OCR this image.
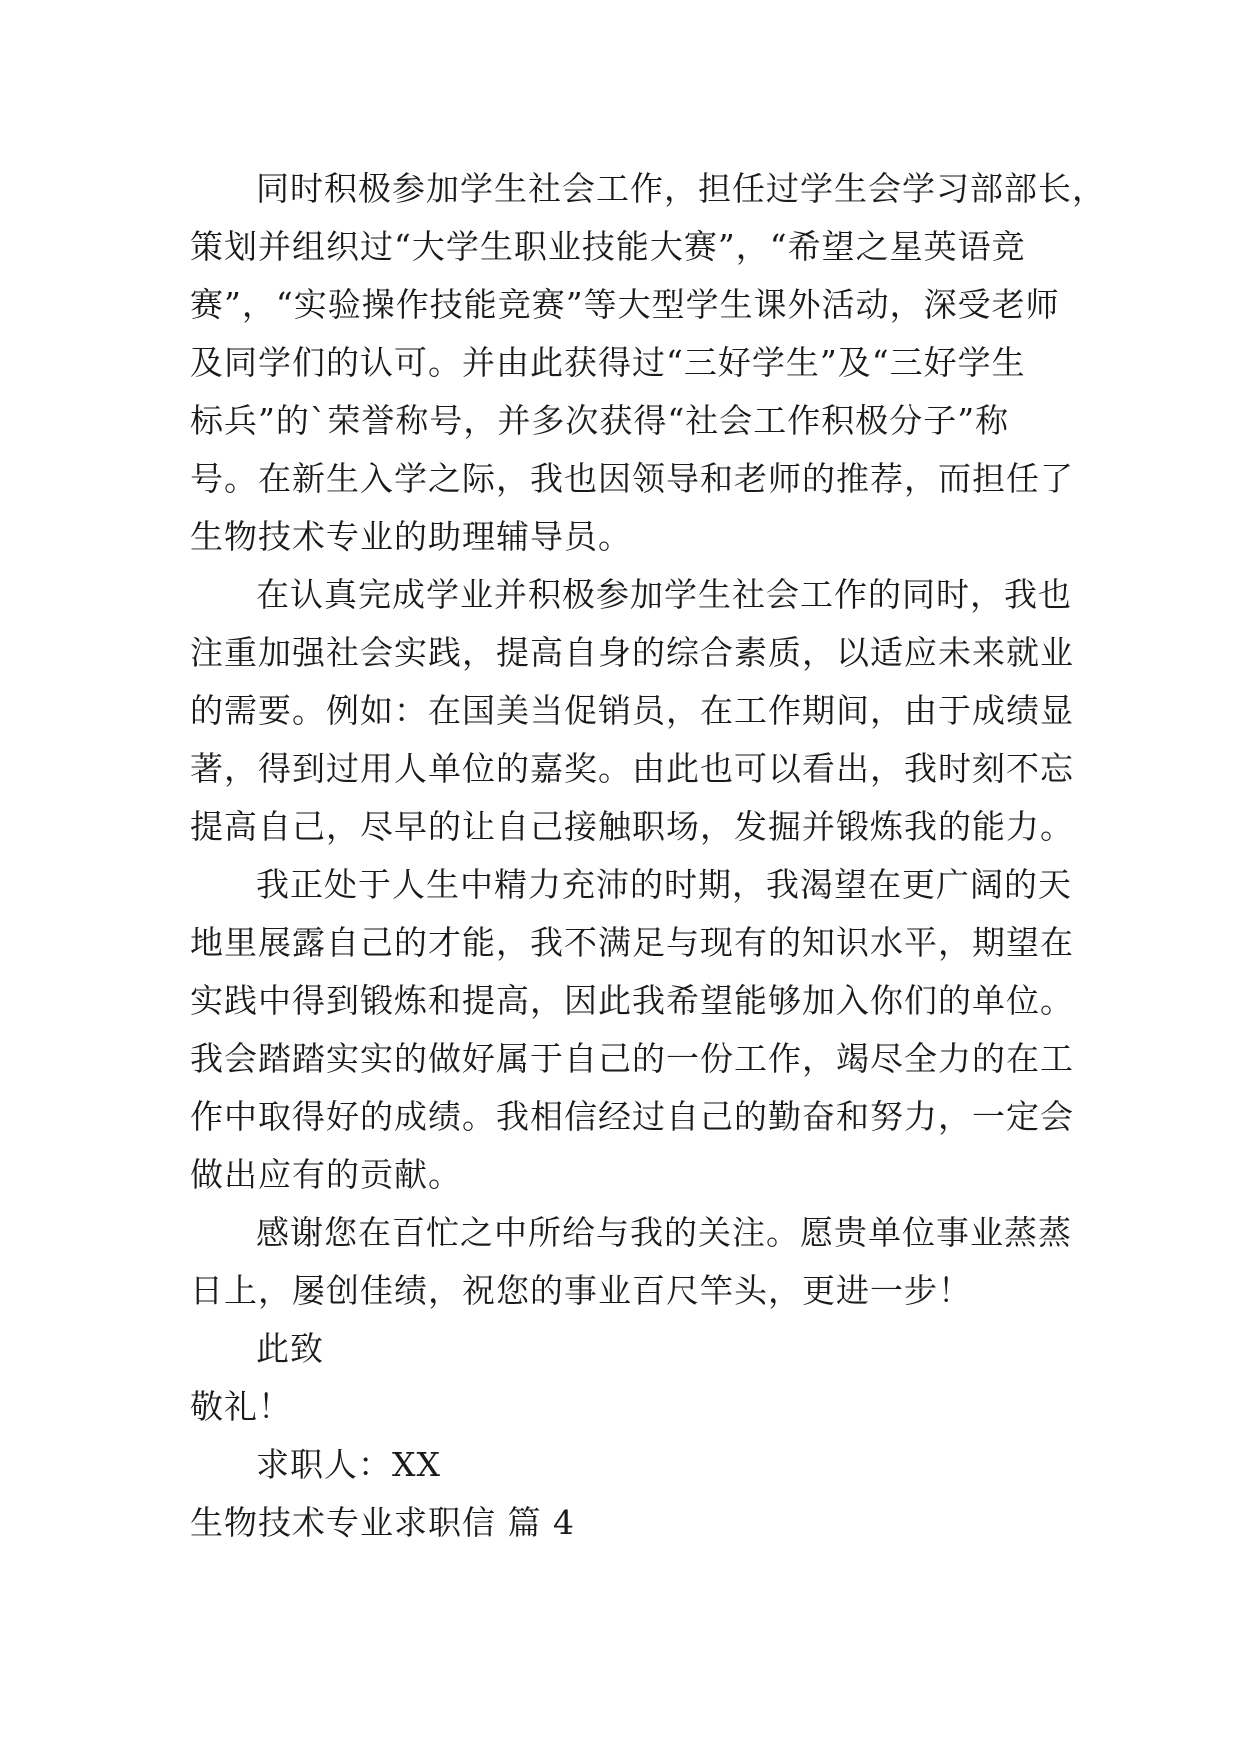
同时积极参加学生社会工作，担任过学生会学习部部长，
策划并组织过“大学生职业技能大赛”，“希望之星英语竞
赛”，“实验操作技能竞赛”等大型学生课外活动，深受老师
及同学们的认可。并由此获得过“三好学生”及“三好学生
标兵”的`荣誉称号，并多次获得“社会工作积极分子”称
号。在新生入学之际，我也因领导和老师的推荐，而担任了
生物技术专业的助理辅导员。
在认真完成学业并积极参加学生社会工作的同时，我也
注重加强社会实践，提高自身的综合素质，以适应未来就业
的需要。例如：在国美当促销员，在工作期间，由于成绩显
著，得到过用人单位的嘉奖。由此也可以看出，我时刻不忘
提高自己，尽早的让自己接触职场，发掘并锻炼我的能力。
我正处于人生中精力充沛的时期，我渴望在更广阔的天
地里展露自己的才能，我不满足与现有的知识水平，期望在
实践中得到锻炼和提高，因此我希望能够加入你们的单位。
我会踏踏实实的做好属于自己的一份工作，竭尽全力的在工
作中取得好的成绩。我相信经过自己的勤奋和努力，一定会
做出应有的贡献。
感谢您在百忙之中所给与我的关注。愿贵单位事业蒸蒸
日上，屡创佳绩，祝您的事业百尺竿头，更进一步！
此致
敬礼！
求职人：XX
生物技术专业求职信 篇 4
